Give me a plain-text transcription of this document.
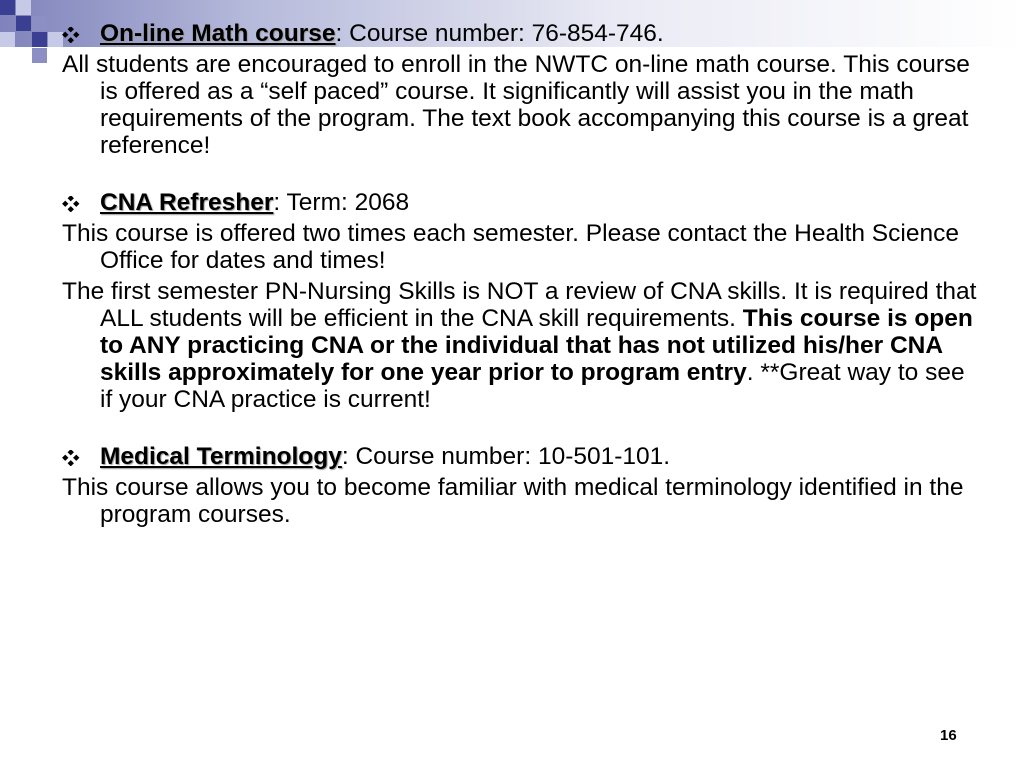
On-line Math course: Course number: 76-854-746.

All students are encouraged to enroll in the NWTC on-line math course. This course is offered as a “self paced” course. It significantly will assist you in the math requirements of the program. The text book accompanying this course is a great reference!

CNA Refresher: Term: 2068

This course is offered two times each semester. Please contact the Health Science Office for dates and times!

The first semester PN-Nursing Skills is NOT a review of CNA skills. It is required that ALL students will be efficient in the CNA skill requirements. This course is open to ANY practicing CNA or the individual that has not utilized his/her CNA skills approximately for one year prior to program entry. **Great way to see if your CNA practice is current!

Medical Terminology: Course number: 10-501-101.

This course allows you to become familiar with medical terminology identified in the program courses.

16
